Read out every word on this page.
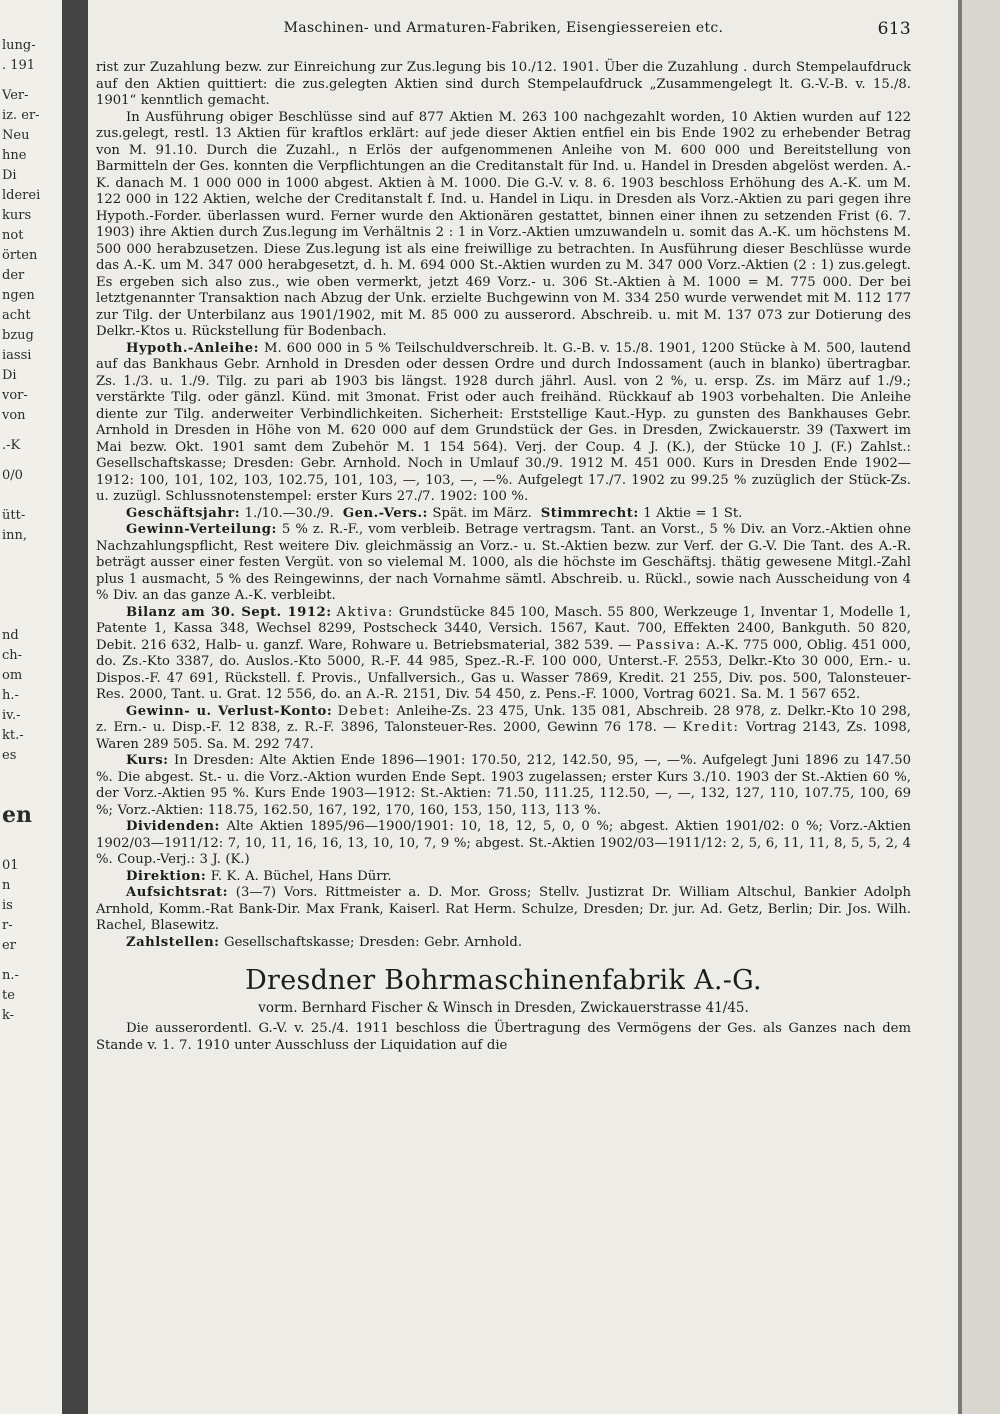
lung-
. 191
Ver-
iz. er-
Neu
hne
Di
lderei
kurs
not
örten
der
ngen
acht
bzug
iassi
Di
vor-
von
.-K
0/0
ütt-
inn,
nd
ch-
om
h.-
iv.-
kt.-
es
en
01
n
is
r-
er
n.-
te
k-
Maschinen- und Armaturen-Fabriken, Eisengiessereien etc.	613

rist zur Zuzahlung bezw. zur Einreichung zur Zus.legung bis 10./12. 1901. Über die Zuzahlung . durch Stempelaufdruck auf den Aktien quittiert: die zus.gelegten Aktien sind durch Stempelaufdruck „Zusammengelegt lt. G.-V.-B. v. 15./8. 1901“ kenntlich gemacht.

In Ausführung obiger Beschlüsse sind auf 877 Aktien M. 263 100 nachgezahlt worden, 10 Aktien wurden auf 122 zus.gelegt, restl. 13 Aktien für kraftlos erklärt: auf jede dieser Aktien entfiel ein bis Ende 1902 zu erhebender Betrag von M. 91.10. Durch die Zuzahl., n Erlös der aufgenommenen Anleihe von M. 600 000 und Bereitstellung von Barmitteln der Ges. konnten die Verpflichtungen an die Creditanstalt für Ind. u. Handel in Dresden abgelöst werden. A.-K. danach M. 1 000 000 in 1000 abgest. Aktien à M. 1000. Die G.-V. v. 8. 6. 1903 beschloss Erhöhung des A.-K. um M. 122 000 in 122 Aktien, welche der Creditanstalt f. Ind. u. Handel in Liqu. in Dresden als Vorz.-Aktien zu pari gegen ihre Hypoth.-Forder. überlassen wurd. Ferner wurde den Aktionären gestattet, binnen einer ihnen zu setzenden Frist (6. 7. 1903) ihre Aktien durch Zus.legung im Verhältnis 2 : 1 in Vorz.-Aktien umzuwandeln u. somit das A.-K. um höchstens M. 500 000 herabzusetzen. Diese Zus.legung ist als eine freiwillige zu betrachten. In Ausführung dieser Beschlüsse wurde das A.-K. um M. 347 000 herabgesetzt, d. h. M. 694 000 St.-Aktien wurden zu M. 347 000 Vorz.-Aktien (2 : 1) zus.gelegt. Es ergeben sich also zus., wie oben vermerkt, jetzt 469 Vorz.- u. 306 St.-Aktien à M. 1000 = M. 775 000. Der bei letztgenannter Transaktion nach Abzug der Unk. erzielte Buchgewinn von M. 334 250 wurde verwendet mit M. 112 177 zur Tilg. der Unterbilanz aus 1901/1902, mit M. 85 000 zu ausserord. Abschreib. u. mit M. 137 073 zur Dotierung des Delkr.-Ktos u. Rückstellung für Bodenbach.

Hypoth.-Anleihe: M. 600 000 in 5 % Teilschuldverschreib. lt. G.-B. v. 15./8. 1901, 1200 Stücke à M. 500, lautend auf das Bankhaus Gebr. Arnhold in Dresden oder dessen Ordre und durch Indossament (auch in blanko) übertragbar. Zs. 1./3. u. 1./9. Tilg. zu pari ab 1903 bis längst. 1928 durch jährl. Ausl. von 2 %, u. ersp. Zs. im März auf 1./9.; verstärkte Tilg. oder gänzl. Künd. mit 3monat. Frist oder auch freihänd. Rückkauf ab 1903 vorbehalten. Die Anleihe diente zur Tilg. anderweiter Verbindlichkeiten. Sicherheit: Erststellige Kaut.-Hyp. zu gunsten des Bankhauses Gebr. Arnhold in Dresden in Höhe von M. 620 000 auf dem Grundstück der Ges. in Dresden, Zwickauerstr. 39 (Taxwert im Mai bezw. Okt. 1901 samt dem Zubehör M. 1 154 564). Verj. der Coup. 4 J. (K.), der Stücke 10 J. (F.) Zahlst.: Gesellschaftskasse; Dresden: Gebr. Arnhold. Noch in Umlauf 30./9. 1912 M. 451 000. Kurs in Dresden Ende 1902—1912: 100, 101, 102, 103, 102.75, 101, 103, —, 103, —, —%. Aufgelegt 17./7. 1902 zu 99.25 % zuzüglich der Stück-Zs. u. zuzügl. Schlussnotenstempel: erster Kurs 27./7. 1902: 100 %.

Geschäftsjahr: 1./10.—30./9. Gen.-Vers.: Spät. im März. Stimmrecht: 1 Aktie = 1 St.

Gewinn-Verteilung: 5 % z. R.-F., vom verbleib. Betrage vertragsm. Tant. an Vorst., 5 % Div. an Vorz.-Aktien ohne Nachzahlungspflicht, Rest weitere Div. gleichmässig an Vorz.- u. St.-Aktien bezw. zur Verf. der G.-V. Die Tant. des A.-R. beträgt ausser einer festen Vergüt. von so vielemal M. 1000, als die höchste im Geschäftsj. thätig gewesene Mitgl.-Zahl plus 1 ausmacht, 5 % des Reingewinns, der nach Vornahme sämtl. Abschreib. u. Rückl., sowie nach Ausscheidung von 4 % Div. an das ganze A.-K. verbleibt.

Bilanz am 30. Sept. 1912: Aktiva: Grundstücke 845 100, Masch. 55 800, Werkzeuge 1, Inventar 1, Modelle 1, Patente 1, Kassa 348, Wechsel 8299, Postscheck 3440, Versich. 1567, Kaut. 700, Effekten 2400, Bankguth. 50 820, Debit. 216 632, Halb- u. ganzf. Ware, Rohware u. Betriebsmaterial, 382 539. — Passiva: A.-K. 775 000, Oblig. 451 000, do. Zs.-Kto 3387, do. Auslos.-Kto 5000, R.-F. 44 985, Spez.-R.-F. 100 000, Unterst.-F. 2553, Delkr.-Kto 30 000, Ern.- u. Dispos.-F. 47 691, Rückstell. f. Provis., Unfallversich., Gas u. Wasser 7869, Kredit. 21 255, Div. pos. 500, Talonsteuer-Res. 2000, Tant. u. Grat. 12 556, do. an A.-R. 2151, Div. 54 450, z. Pens.-F. 1000, Vortrag 6021. Sa. M. 1 567 652.

Gewinn- u. Verlust-Konto: Debet: Anleihe-Zs. 23 475, Unk. 135 081, Abschreib. 28 978, z. Delkr.-Kto 10 298, z. Ern.- u. Disp.-F. 12 838, z. R.-F. 3896, Talonsteuer-Res. 2000, Gewinn 76 178. — Kredit: Vortrag 2143, Zs. 1098, Waren 289 505. Sa. M. 292 747.

Kurs: In Dresden: Alte Aktien Ende 1896—1901: 170.50, 212, 142.50, 95, —, —%. Aufgelegt Juni 1896 zu 147.50 %. Die abgest. St.- u. die Vorz.-Aktion wurden Ende Sept. 1903 zugelassen; erster Kurs 3./10. 1903 der St.-Aktien 60 %, der Vorz.-Aktien 95 %. Kurs Ende 1903—1912: St.-Aktien: 71.50, 111.25, 112.50, —, —, 132, 127, 110, 107.75, 100, 69 %; Vorz.-Aktien: 118.75, 162.50, 167, 192, 170, 160, 153, 150, 113, 113 %.

Dividenden: Alte Aktien 1895/96—1900/1901: 10, 18, 12, 5, 0, 0 %; abgest. Aktien 1901/02: 0 %; Vorz.-Aktien 1902/03—1911/12: 7, 10, 11, 16, 16, 13, 10, 10, 7, 9 %; abgest. St.-Aktien 1902/03—1911/12: 2, 5, 6, 11, 11, 8, 5, 5, 2, 4 %. Coup.-Verj.: 3 J. (K.)

Direktion: F. K. A. Büchel, Hans Dürr.

Aufsichtsrat: (3—7) Vors. Rittmeister a. D. Mor. Gross; Stellv. Justizrat Dr. William Altschul, Bankier Adolph Arnhold, Komm.-Rat Bank-Dir. Max Frank, Kaiserl. Rat Herm. Schulze, Dresden; Dr. jur. Ad. Getz, Berlin; Dir. Jos. Wilh. Rachel, Blasewitz.

Zahlstellen: Gesellschaftskasse; Dresden: Gebr. Arnhold.

Dresdner Bohrmaschinenfabrik A.-G.
vorm. Bernhard Fischer & Winsch in Dresden, Zwickauerstrasse 41/45.

Die ausserordentl. G.-V. v. 25./4. 1911 beschloss die Übertragung des Vermögens der Ges. als Ganzes nach dem Stande v. 1. 7. 1910 unter Ausschluss der Liquidation auf die
